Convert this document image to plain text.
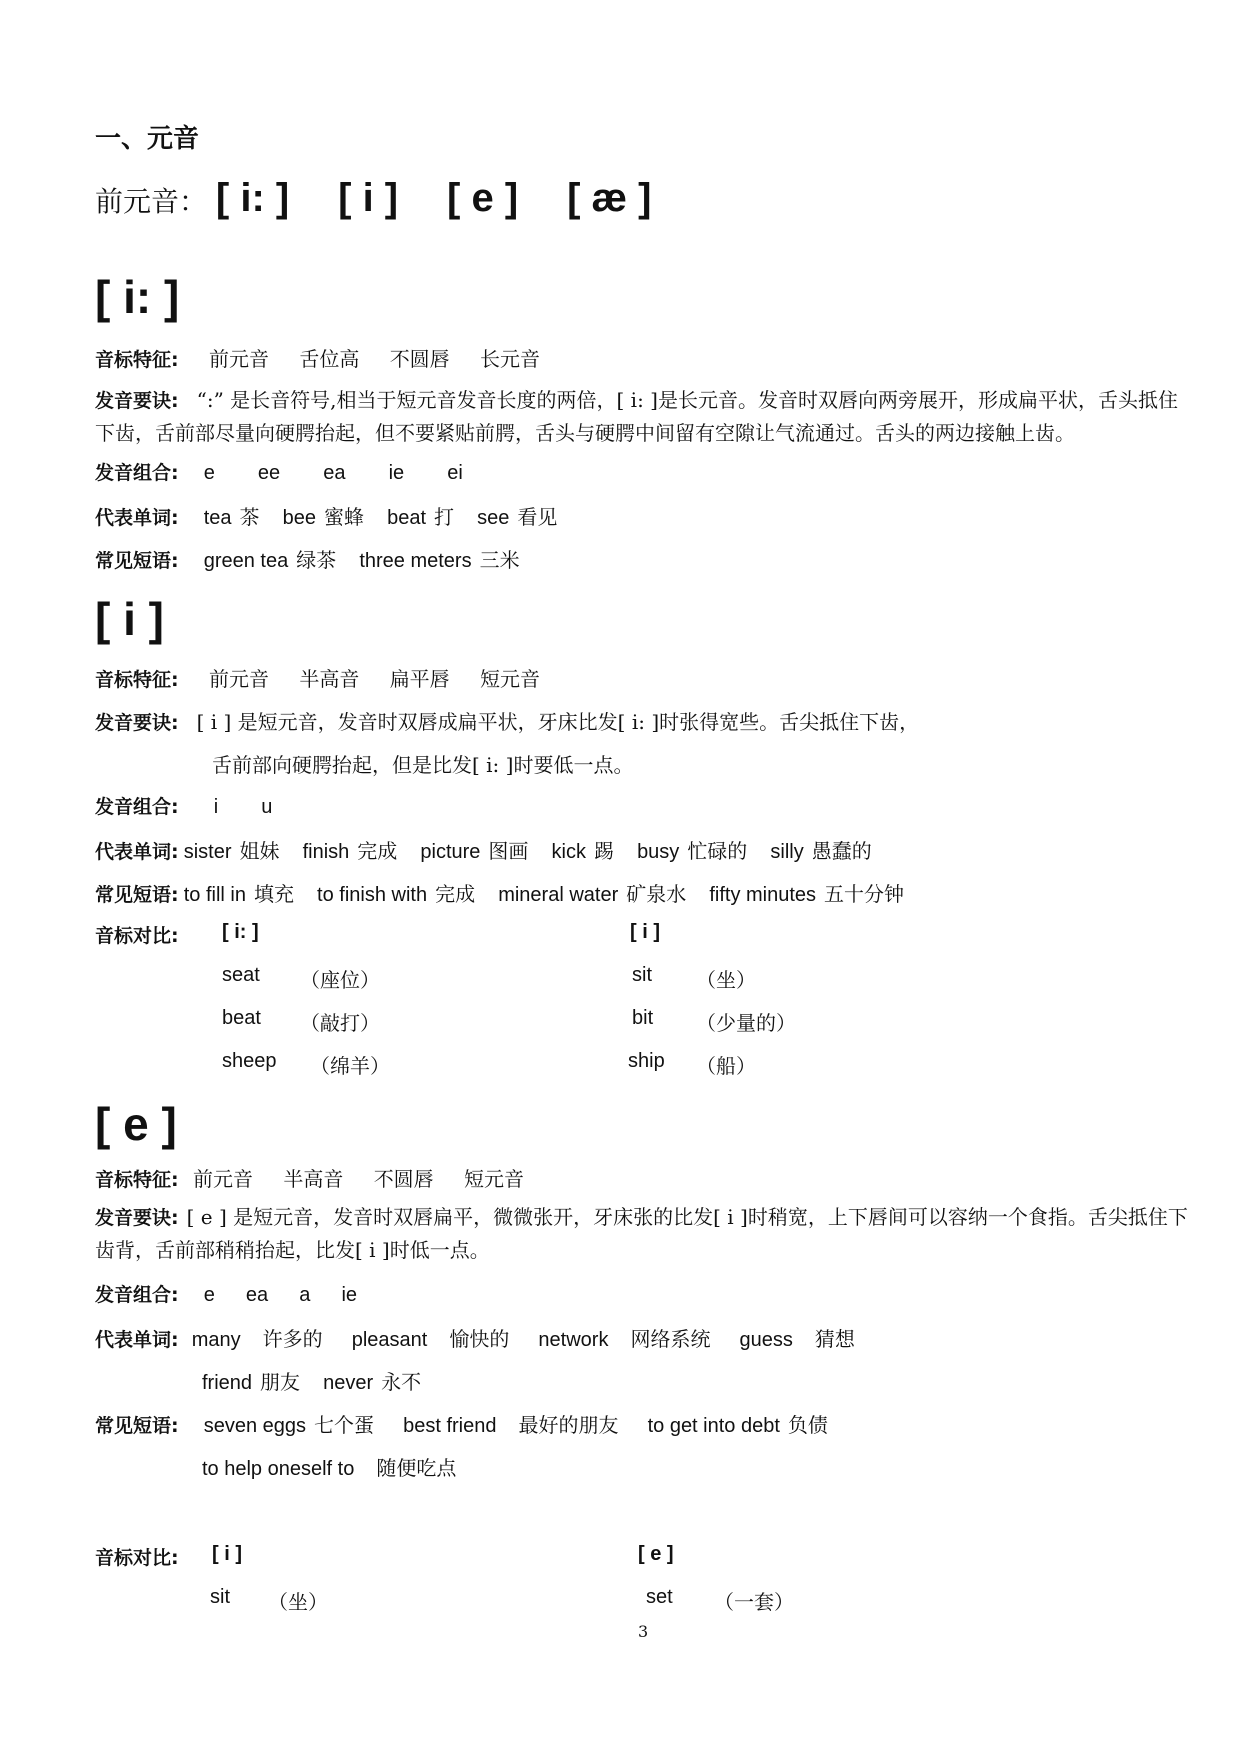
一、元音
前元音： [ i: ] [ i ] [ e ] [ æ ]
[ i: ]
音标特征: 前元音 舌位高 不圆唇 长元音
发音要诀: “:” 是长音符号,相当于短元音发音长度的两倍，[ i: ]是长元音。发音时双唇向两旁展开，形成扁平状，舌头抵住下齿，舌前部尽量向硬腭抬起，但不要紧贴前腭，舌头与硬腭中间留有空隙让气流通过。舌头的两边接触上齿。
发音组合: e ee ea ie ei
代表单词: tea 茶 bee 蜜蜂 beat 打 see 看见
常见短语: green tea 绿茶 three meters 三米
[ i ]
音标特征: 前元音 半高音 扁平唇 短元音
发音要诀: [ i ] 是短元音，发音时双唇成扁平状，牙床比发[ i: ]时张得宽些。舌尖抵住下齿，
舌前部向硬腭抬起，但是比发[ i: ]时要低一点。
发音组合: i u
代表单词: sister 姐妹 finish 完成 picture 图画 kick 踢 busy 忙碌的 silly 愚蠢的
常见短语: to fill in 填充 to finish with 完成 mineral water 矿泉水 fifty minutes 五十分钟
音标对比: [ i: ]	[ i ]
seat （座位）	sit （坐）
beat （敲打）	bit （少量的）
sheep （绵羊）	ship （船）
[ e ]
音标特征: 前元音 半高音 不圆唇 短元音
发音要诀: [ e ] 是短元音，发音时双唇扁平，微微张开，牙床张的比发[ i ]时稍宽，上下唇间可以容纳一个食指。舌尖抵住下齿背，舌前部稍稍抬起，比发[ i ]时低一点。
发音组合: e ea a ie
代表单词: many 许多的 pleasant 愉快的 network 网络系统 guess 猜想
friend 朋友 never 永不
常见短语: seven eggs 七个蛋 best friend 最好的朋友 to get into debt 负债
to help oneself to 随便吃点
音标对比: [ i ]	[ e ]
sit （坐）	set （一套）
3
